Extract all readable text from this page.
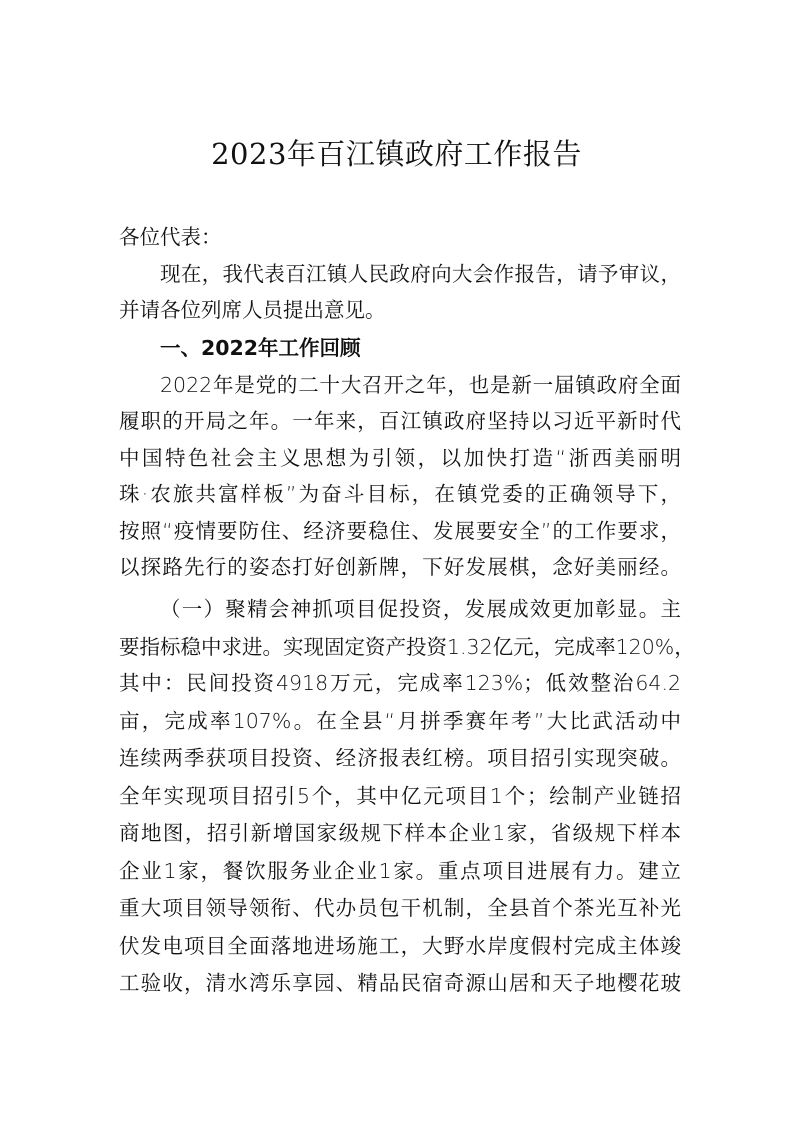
2023年百江镇政府工作报告
各位代表：
现在，我代表百江镇人民政府向大会作报告，请予审议，
并请各位列席人员提出意见。
一、2022年工作回顾
2022年是党的二十大召开之年，也是新一届镇政府全面
履职的开局之年。一年来，百江镇政府坚持以习近平新时代
中国特色社会主义思想为引领，以加快打造“浙西美丽明
珠·农旅共富样板”为奋斗目标，在镇党委的正确领导下，
按照“疫情要防住、经济要稳住、发展要安全”的工作要求，
以探路先行的姿态打好创新牌，下好发展棋，念好美丽经。
（一）聚精会神抓项目促投资，发展成效更加彰显。主
要指标稳中求进。实现固定资产投资1.32亿元，完成率120%，
其中：民间投资4918万元，完成率123%；低效整治64.2
亩，完成率107%。在全县“月拼季赛年考”大比武活动中
连续两季获项目投资、经济报表红榜。项目招引实现突破。
全年实现项目招引5个，其中亿元项目1个；绘制产业链招
商地图，招引新增国家级规下样本企业1家，省级规下样本
企业1家，餐饮服务业企业1家。重点项目进展有力。建立
重大项目领导领衔、代办员包干机制，全县首个茶光互补光
伏发电项目全面落地进场施工，大野水岸度假村完成主体竣
工验收，清水湾乐享园、精品民宿奇源山居和天子地樱花玻
